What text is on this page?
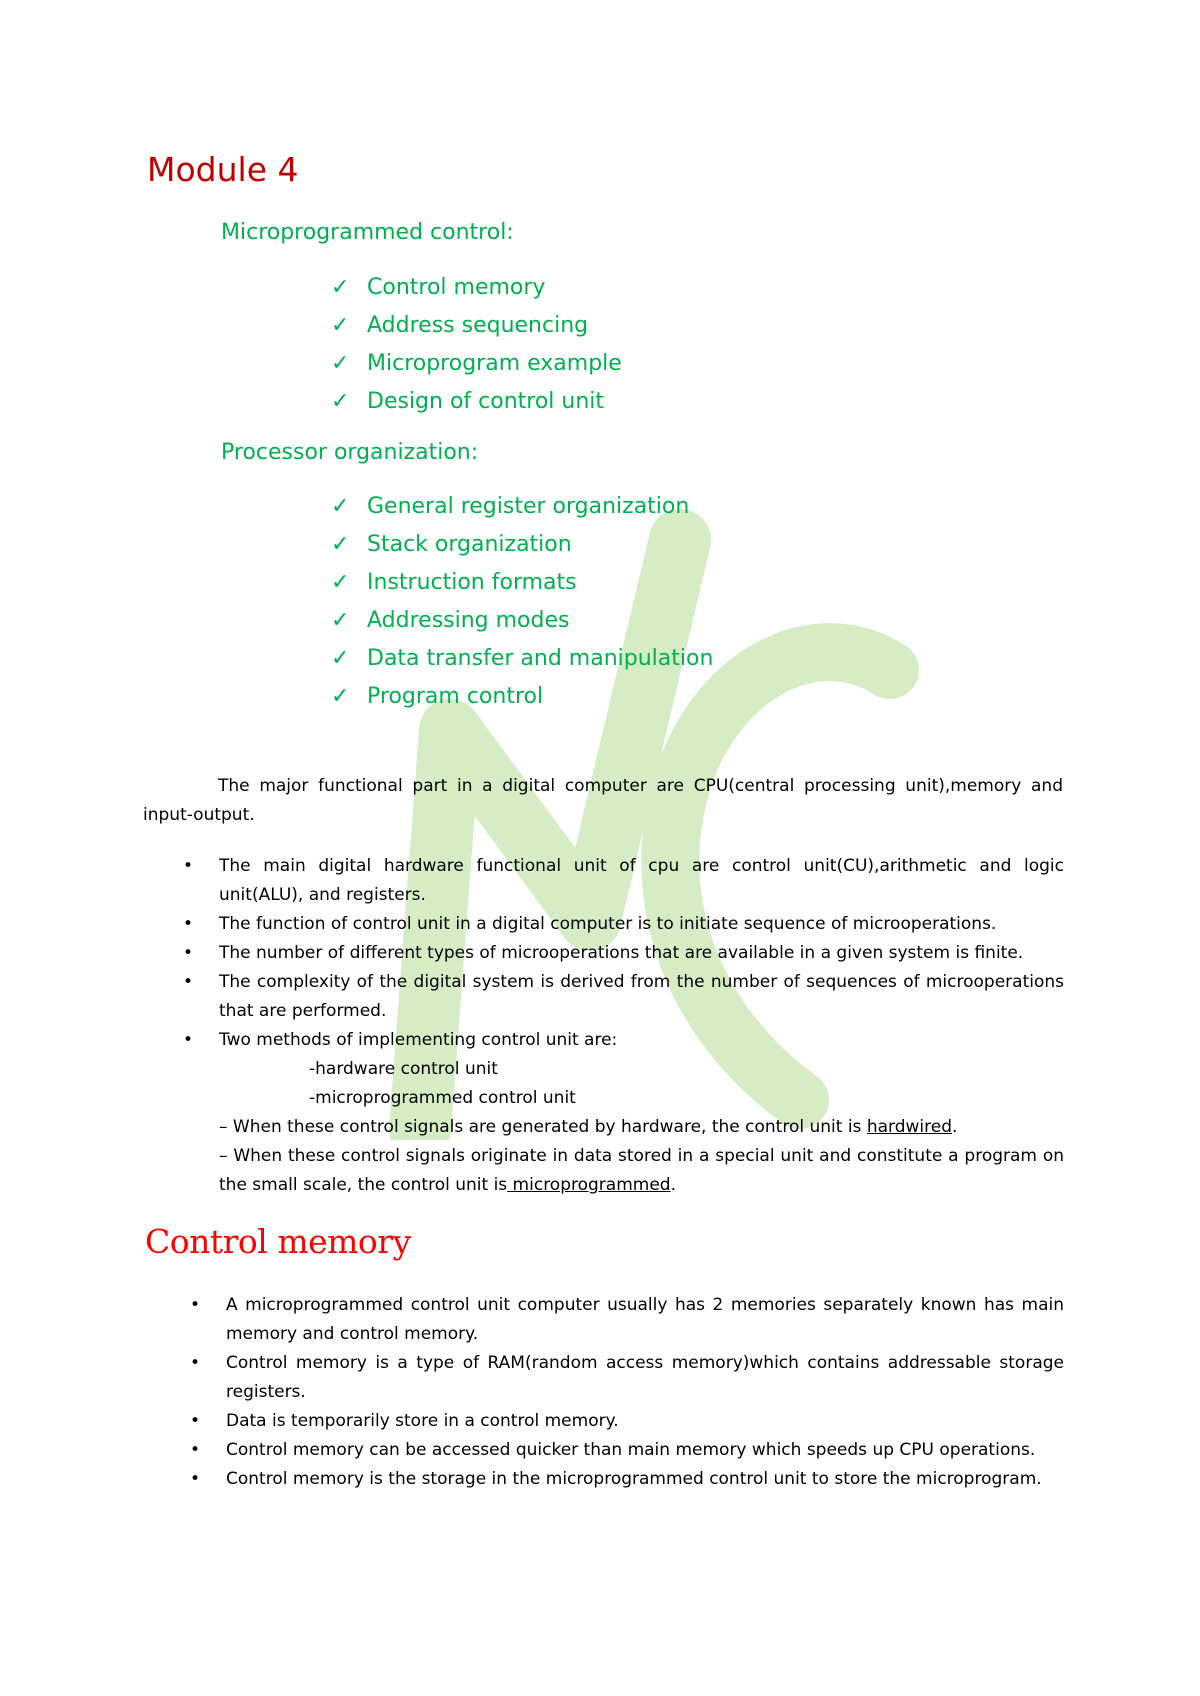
Module 4

Microprogrammed control:

✓ Control memory
✓ Address sequencing
✓ Microprogram example
✓ Design of control unit

Processor organization:

✓ General register organization
✓ Stack organization
✓ Instruction formats
✓ Addressing modes
✓ Data transfer and manipulation
✓ Program control

The major functional part in a digital computer are CPU(central processing unit),memory and input-output.

• The main digital hardware functional unit of cpu are control unit(CU),arithmetic and logic unit(ALU), and registers.
• The function of control unit in a digital computer is to initiate sequence of microoperations.
• The number of different types of microoperations that are available in a given system is finite.
• The complexity of the digital system is derived from the number of sequences of microoperations that are performed.
• Two methods of implementing control unit are:
-hardware control unit
-microprogrammed control unit
– When these control signals are generated by hardware, the control unit is hardwired.
– When these control signals originate in data stored in a special unit and constitute a program on the small scale, the control unit is microprogrammed.
Control memory
• A microprogrammed control unit computer usually has 2 memories separately known has main memory and control memory.
• Control memory is a type of RAM(random access memory)which contains addressable storage registers.
• Data is temporarily store in a control memory.
• Control memory can be accessed quicker than main memory which speeds up CPU operations.
• Control memory is the storage in the microprogrammed control unit to store the microprogram.
